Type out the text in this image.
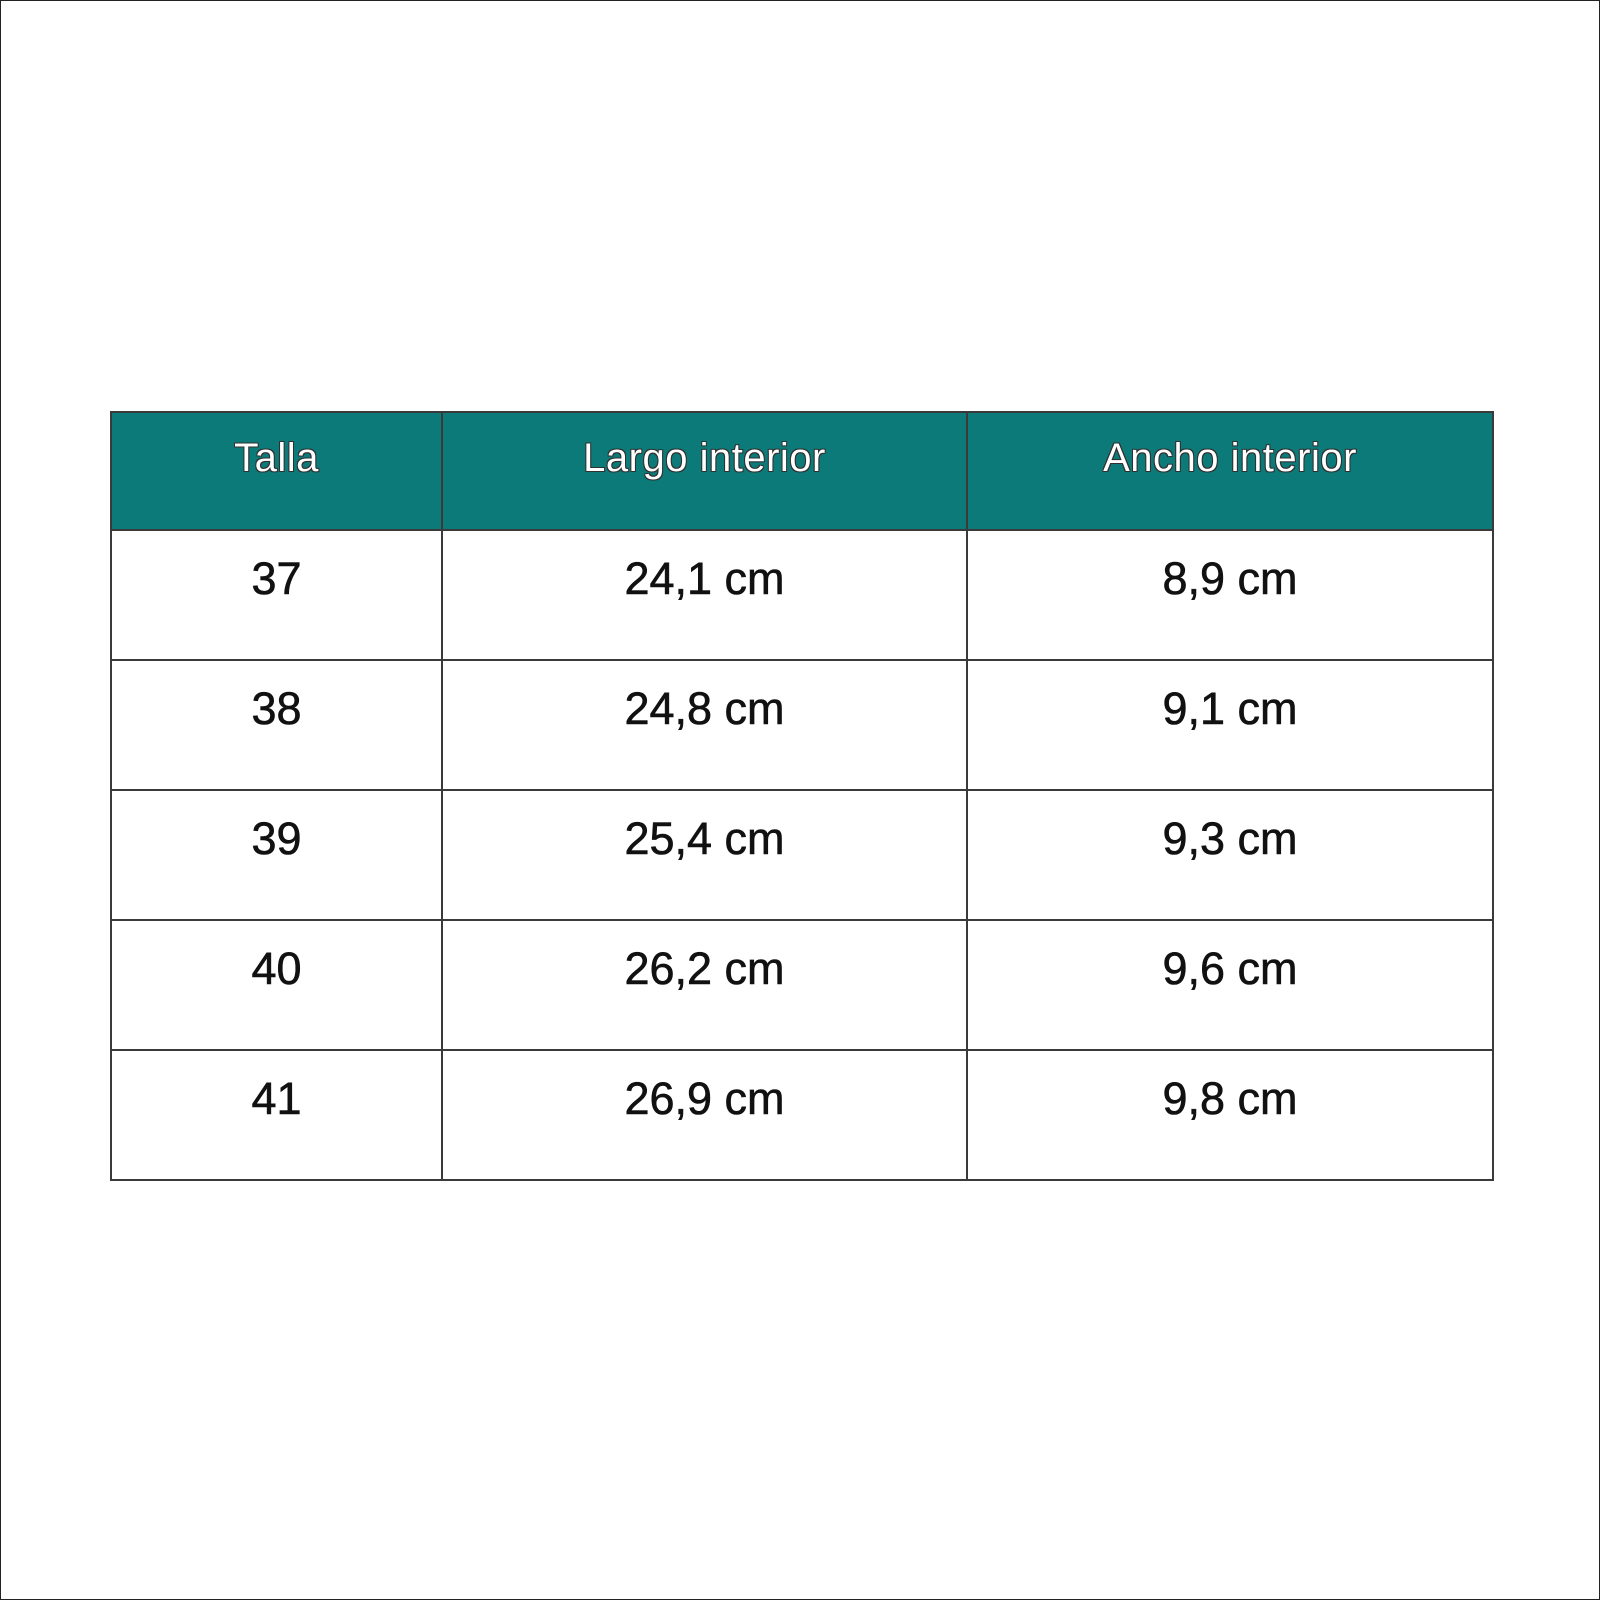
Talla	Largo interior	Ancho interior
37	24,1 cm	8,9 cm
38	24,8 cm	9,1 cm
39	25,4 cm	9,3 cm
40	26,2 cm	9,6 cm
41	26,9 cm	9,8 cm
